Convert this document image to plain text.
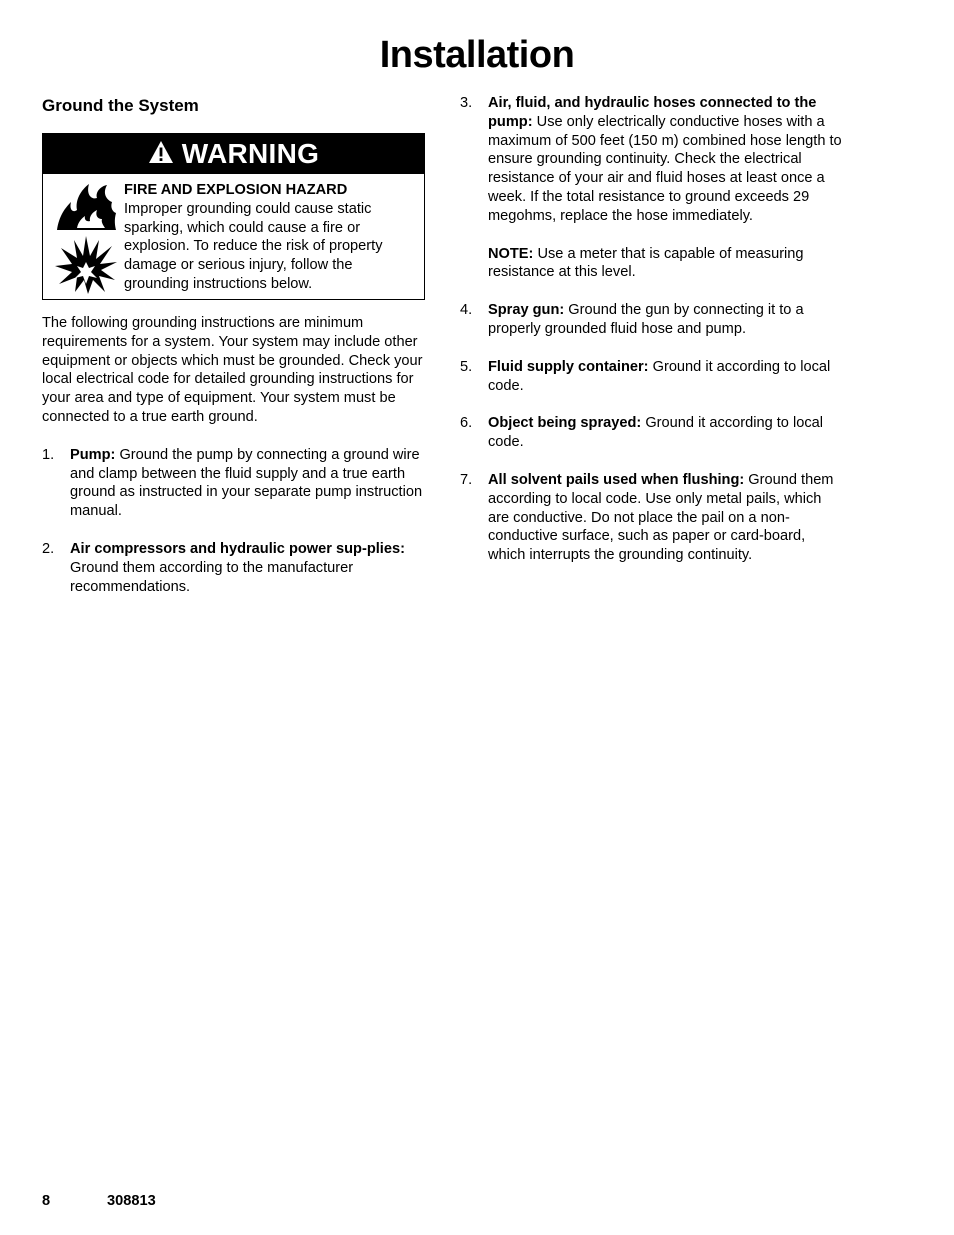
Installation
Ground the System
WARNING
FIRE AND EXPLOSION HAZARD
Improper grounding could cause static sparking, which could cause a fire or explosion. To reduce the risk of property damage or serious injury, follow the grounding instructions below.

The following grounding instructions are minimum requirements for a system. Your system may include other equipment or objects which must be grounded. Check your local electrical code for detailed grounding instructions for your area and type of equipment. Your system must be connected to a true earth ground.

1.	Pump: Ground the pump by connecting a ground wire and clamp between the fluid supply and a true earth ground as instructed in your separate pump instruction manual.
2.	Air compressors and hydraulic power sup-plies: Ground them according to the manufacturer recommendations.
3.	Air, fluid, and hydraulic hoses connected to the pump: Use only electrically conductive hoses with a maximum of 500 feet (150 m) combined hose length to ensure grounding continuity. Check the electrical resistance of your air and fluid hoses at least once a week. If the total resistance to ground exceeds 29 megohms, replace the hose immediately.
NOTE: Use a meter that is capable of measuring resistance at this level.
4.	Spray gun: Ground the gun by connecting it to a properly grounded fluid hose and pump.
5.	Fluid supply container: Ground it according to local code.
6.	Object being sprayed: Ground it according to local code.
7.	All solvent pails used when flushing: Ground them according to local code. Use only metal pails, which are conductive. Do not place the pail on a non-conductive surface, such as paper or card-board, which interrupts the grounding continuity.
8	308813
